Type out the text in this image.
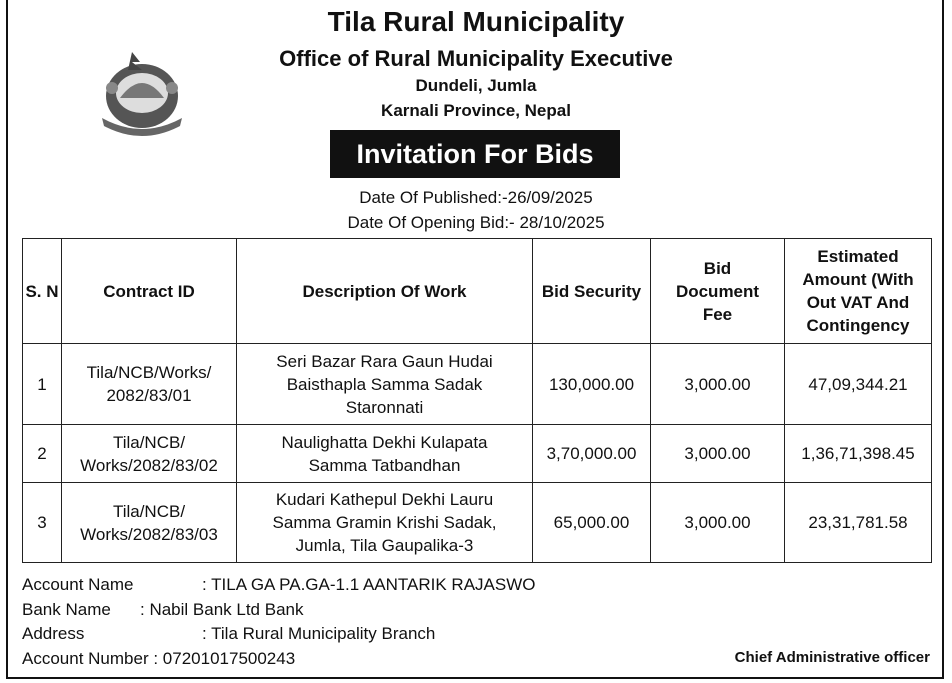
Tila Rural Municipality
Office of Rural Municipality Executive
Dundeli, Jumla
Karnali Province, Nepal
Invitation For Bids
Date Of Published:-26/09/2025
Date Of Opening Bid:- 28/10/2025
S. N	Contract ID	Description Of Work	Bid Security	Bid Document Fee	Estimated Amount (With Out VAT And Contingency
1	Tila/NCB/Works/ 2082/83/01	Seri Bazar Rara Gaun Hudai Baisthapla Samma Sadak Staronnati	130,000.00	3,000.00	47,09,344.21
2	Tila/NCB/ Works/2082/83/02	Naulighatta Dekhi Kulapata Samma Tatbandhan	3,70,000.00	3,000.00	1,36,71,398.45
3	Tila/NCB/ Works/2082/83/03	Kudari Kathepul Dekhi Lauru Samma Gramin Krishi Sadak, Jumla, Tila Gaupalika-3	65,000.00	3,000.00	23,31,781.58
Account Name	: TILA GA PA.GA-1.1 AANTARIK RAJASWO
Bank Name : Nabil Bank Ltd Bank
Address	: Tila Rural Municipality Branch
Account Number : 07201017500243	Chief Administrative officer
